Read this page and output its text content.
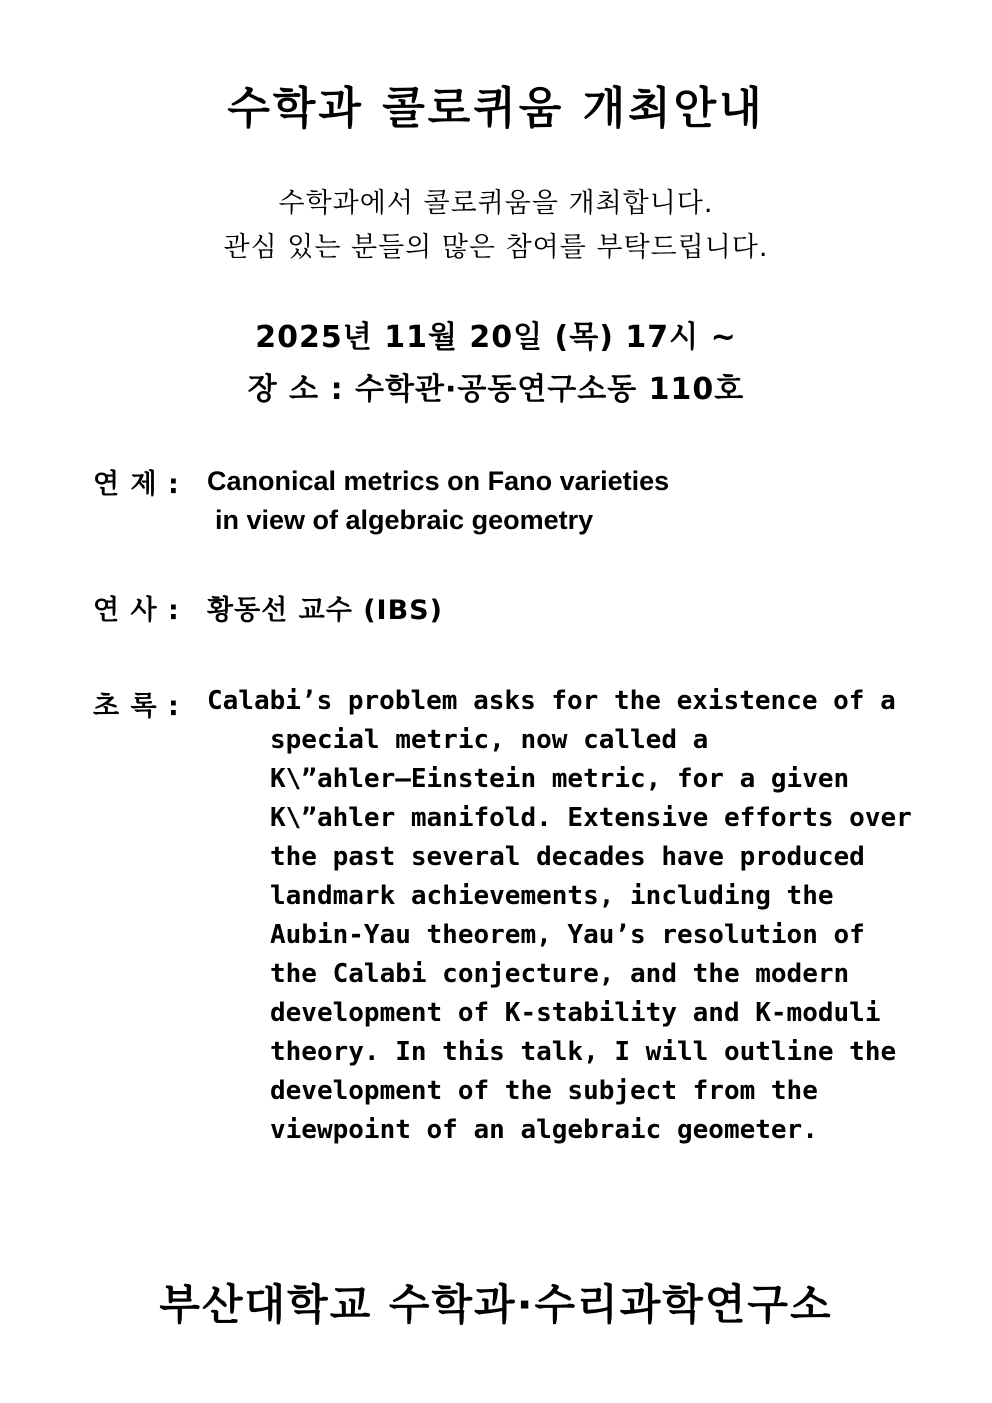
수학과 콜로퀴움 개최안내
수학과에서 콜로퀴움을 개최합니다.
관심 있는 분들의 많은 참여를 부탁드립니다.
2025년 11월 20일 (목) 17시 ~
장 소 : 수학관·공동연구소동 110호
연 제 :	Canonical metrics on Fano varieties
in view of algebraic geometry
연 사 :	황동선 교수 (IBS)
초 록 :	Calabi’s problem asks for the existence of a
special metric, now called a
K\”ahler—Einstein metric, for a given
K\”ahler manifold. Extensive efforts over
the past several decades have produced
landmark achievements, including the
Aubin-Yau theorem, Yau’s resolution of
the Calabi conjecture, and the modern
development of K-stability and K-moduli
theory. In this talk, I will outline the
development of the subject from the
viewpoint of an algebraic geometer.
부산대학교 수학과·수리과학연구소
